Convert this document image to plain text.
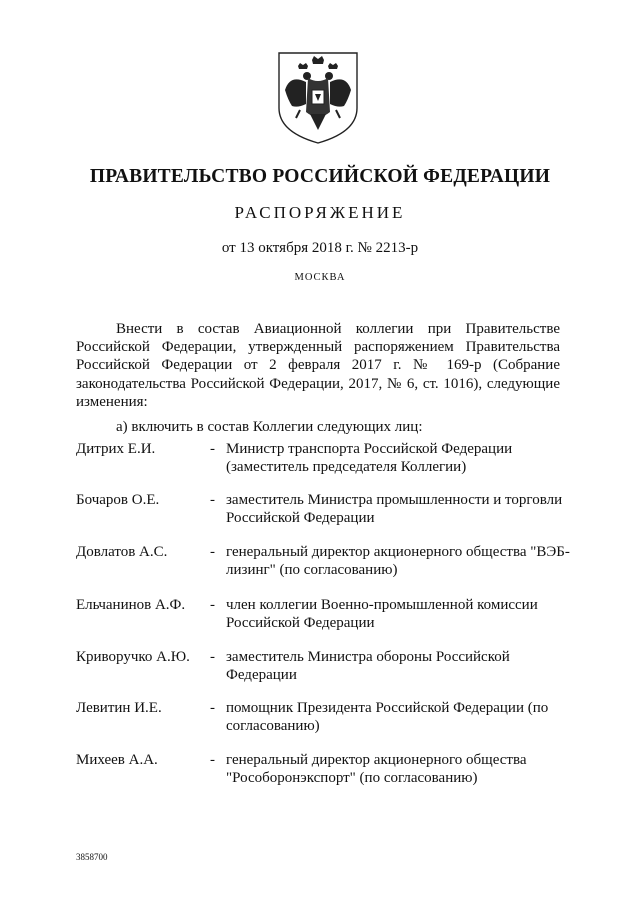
ПРАВИТЕЛЬСТВО РОССИЙСКОЙ ФЕДЕРАЦИИ
РАСПОРЯЖЕНИЕ
от 13 октября 2018 г. № 2213-р
МОСКВА

Внести в состав Авиационной коллегии при Правительстве Российской Федерации, утвержденный распоряжением Правительства Российской Федерации от 2 февраля 2017 г. № 169-р (Собрание законодательства Российской Федерации, 2017, № 6, ст. 1016), следующие изменения:

а) включить в состав Коллегии следующих лиц:
Дитрих Е.И.	- Министр транспорта Российской Федерации (заместитель председателя Коллегии)
Бочаров О.Е.	- заместитель Министра промышленности и торговли Российской Федерации
Довлатов А.С.	- генеральный директор акционерного общества "ВЭБ-лизинг" (по согласованию)
Ельчанинов А.Ф.	- член коллегии Военно-промышленной комиссии Российской Федерации
Криворучко А.Ю.	- заместитель Министра обороны Российской Федерации
Левитин И.Е.	- помощник Президента Российской Федерации (по согласованию)
Михеев А.А.	- генеральный директор акционерного общества "Рособоронэкспорт" (по согласованию)
3858700
